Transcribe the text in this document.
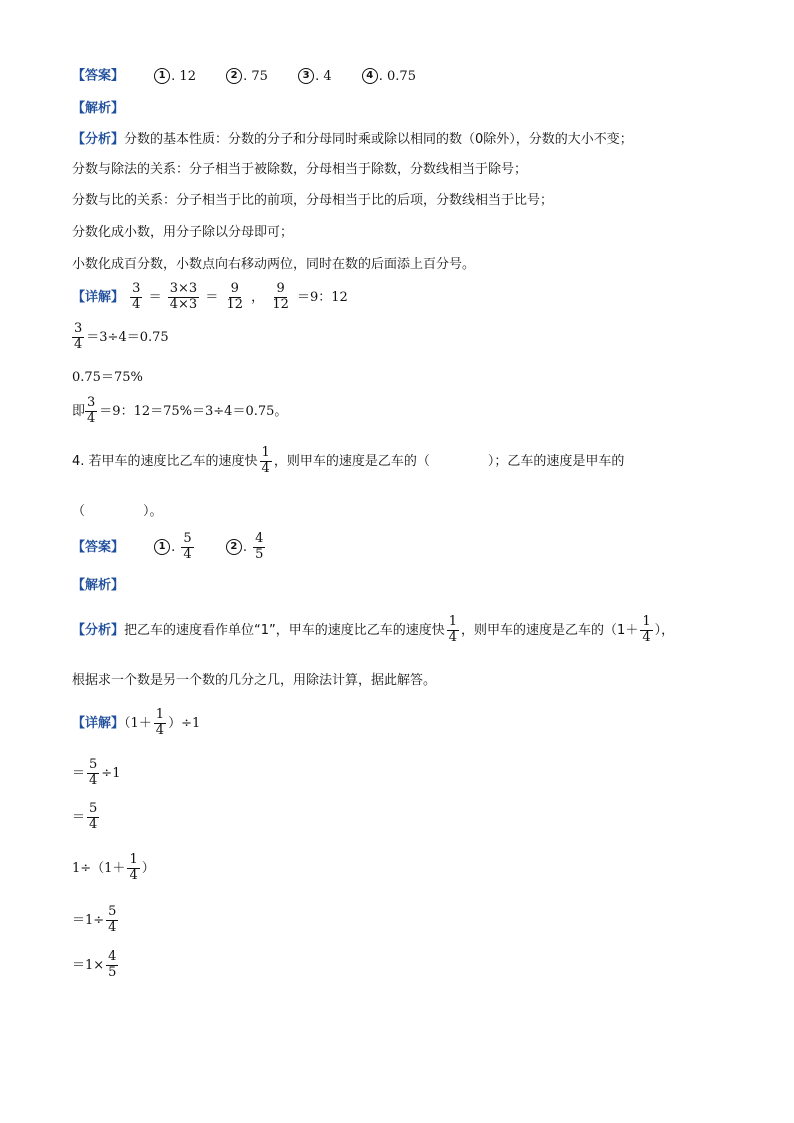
【答案】	1 . 12	2 . 75	3 . 4	4 . 0.75
【解析】
【分析】分数的基本性质：分数的分子和分母同时乘或除以相同的数（0除外），分数的大小不变；
分数与除法的关系：分子相当于被除数，分母相当于除数，分数线相当于除号；
分数与比的关系：分子相当于比的前项，分母相当于比的后项，分数线相当于比号；
分数化成小数，用分子除以分母即可；
小数化成百分数，小数点向右移动两位，同时在数的后面添上百分号。
【详解】 $\frac{3}{4} = \frac{3\times 3}{4\times 3} = \frac{9}{12}$ ， $\frac{9}{12} =9$：12
$\frac{3}{4} =3\div 4=0.75$
0.75＝75%
即 $\frac{3}{4} =9$：12＝75%＝3÷4＝0.75。
4. 若甲车的速度比乙车的速度快 $\frac{1}{4}$ ，则甲车的速度是乙车的（	）；乙车的速度是甲车的
（	）。
【答案】	1 . $\frac{5}{4}$	2 . $\frac{4}{5}$
【解析】
【分析】把乙车的速度看作单位“1”，甲车的速度比乙车的速度快 $\frac{1}{4}$ ，则甲车的速度是乙车的（$1+ \frac{1}{4}$ ），
根据求一个数是另一个数的几分之几，用除法计算，据此解答。
【详解】$(1+ \frac{1}{4} )\div 1$
＝ $\frac{5}{4} \div 1$
＝ $\frac{5}{4}$
$1\div(1+ \frac{1}{4}$ ）
$=1\div \frac{5}{4}$
$=1\times \frac{4}{5}$
